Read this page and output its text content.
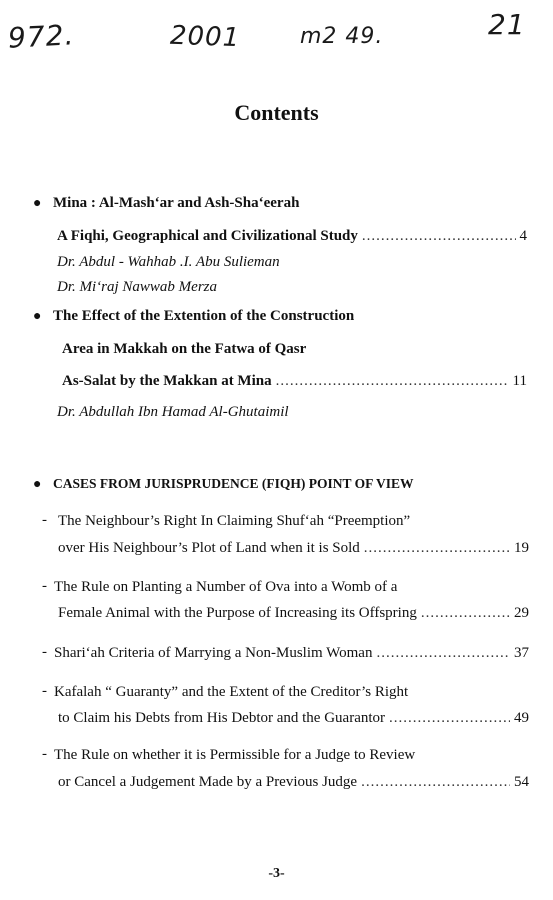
972.	2001	m2 49.	21
Contents
● Mina : Al-Mash‘ar and Ash-Sha‘eerah
A Fiqhi, Geographical and Civilizational Study .....	4
Dr. Abdul - Wahhab .I. Abu Sulieman
Dr. Mi‘raj Nawwab Merza
● The Effect of the Extention of the Construction
Area in Makkah on the Fatwa of Qasr
As-Salat by the Makkan at Mina .....	11
Dr. Abdullah Ibn Hamad Al-Ghutaimil
● CASES FROM JURISPRUDENCE (FIQH) POINT OF VIEW
- The Neighbour’s Right In Claiming Shuf‘ah “Preemption”
over His Neighbour’s Plot of Land when it is Sold .....	19
- The Rule on Planting a Number of Ova into a Womb of a
Female Animal with the Purpose of Increasing its Offspring .....	29
- Shari‘ah Criteria of Marrying a Non-Muslim Woman .....	37
- Kafalah “ Guaranty” and the Extent of the Creditor’s Right
to Claim his Debts from His Debtor and the Guarantor .....	49
- The Rule on whether it is Permissible for a Judge to Review
or Cancel a Judgement Made by a Previous Judge .....	54
-3-
